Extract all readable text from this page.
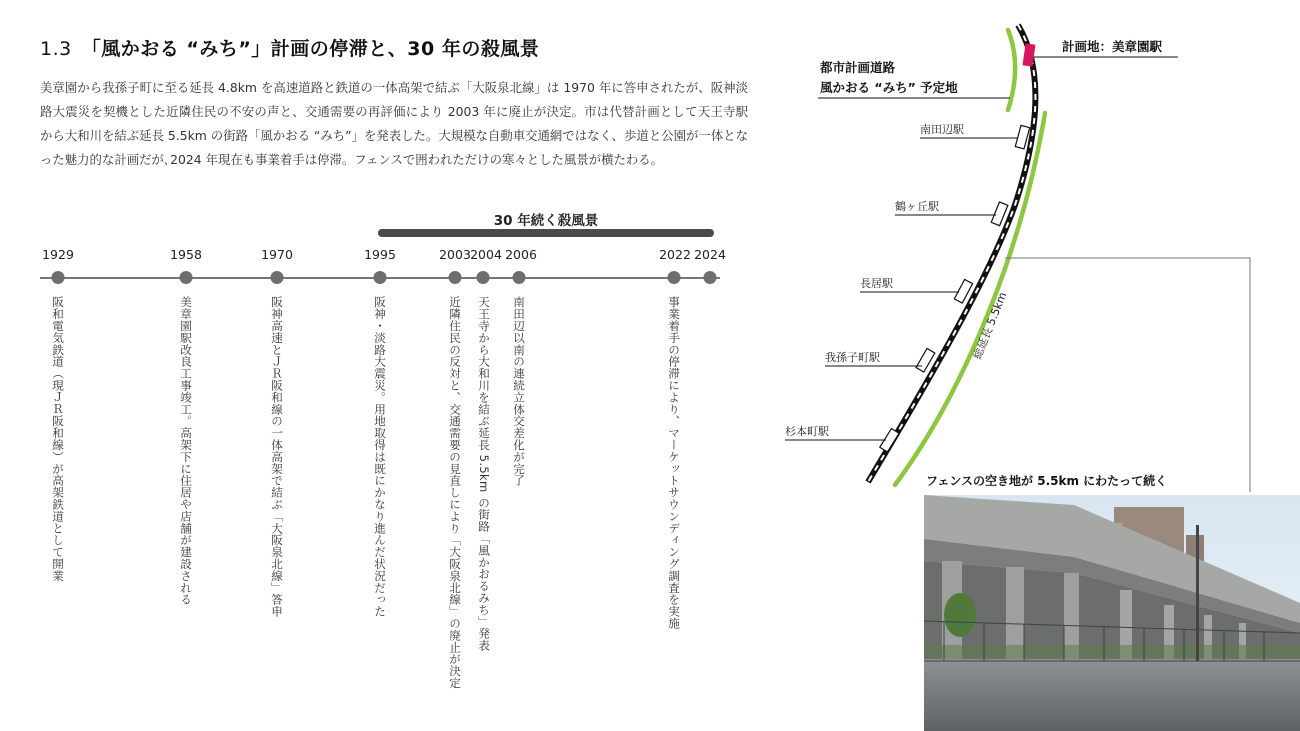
1.3 「風かおる “みち”」計画の停滞と、30 年の殺風景
美章園から我孫子町に至る延長 4.8km を高速道路と鉄道の一体高架で結ぶ「大阪泉北線」は 1970 年に答申されたが、阪神淡路大震災を契機とした近隣住民の不安の声と、交通需要の再評価により 2003 年に廃止が決定。市は代替計画として天王寺駅から大和川を結ぶ延長 5.5km の街路「風かおる “みち”」を発表した。大規模な自動車交通網ではなく、歩道と公園が一体となった魅力的な計画だが､2024 年現在も事業着手は停滞。フェンスで囲われただけの寒々とした風景が横たわる。
30 年続く殺風景
1929
阪和電気鉄道（現ＪＲ阪和線）が高架鉄道として開業
1958
美章園駅改良工事竣工。高架下に住居や店舗が建設される
1970
阪神高速とＪＲ阪和線の一体高架で結ぶ「大阪泉北線」答申
1995
阪神・淡路大震災。用地取得は既にかなり進んだ状況だった
2003
近隣住民の反対と、交通需要の見直しにより「大阪泉北線」の廃止が決定
2004
天王寺から大和川を結ぶ延長 5.5km の街路「風かおるみち」発表
2006
南田辺以南の連続立体交差化が完了
2022
事業着手の停滞により、マーケットサウンディング調査を実施
2024
南田辺駅
鶴ヶ丘駅
長居駅
我孫子町駅
杉本町駅
計画地：美章園駅
都市計画道路
風かおる “みち” 予定地
総延長 5.5km
フェンスの空き地が 5.5km にわたって続く
